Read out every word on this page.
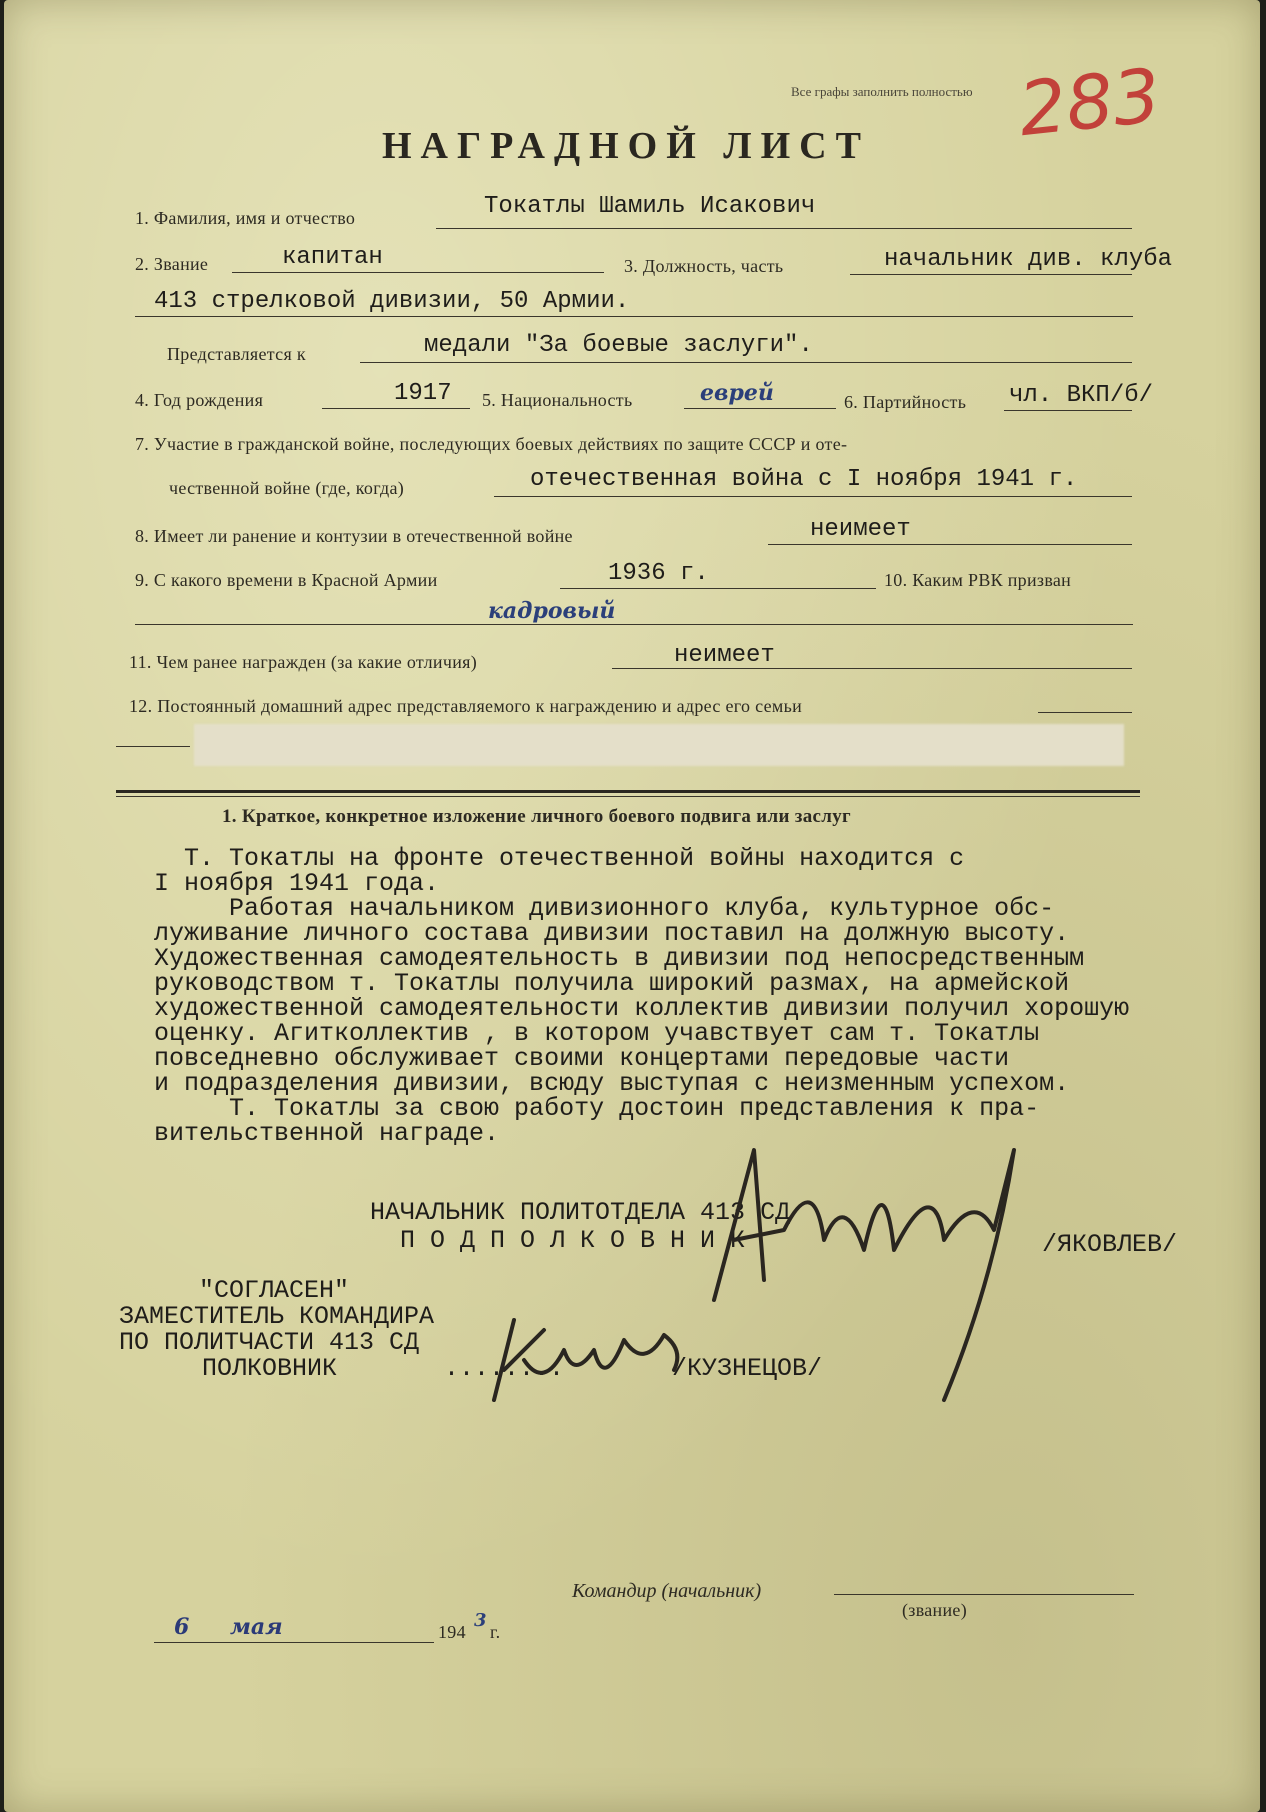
Все графы заполнить полностью 283
НАГРАДНОЙ ЛИСТ
1. Фамилия, имя и отчество	Токатлы Шамиль Исакович
2. Звание	капитан	3. Должность, часть	начальник див. клуба
413 стрелковой дивизии, 50 Армии.
Представляется к	медали "За боевые заслуги".
4. Год рождения	1917 5. Национальность	еврей	6. Партийность чл. ВКП/б/
7. Участие в гражданской войне, последующих боевых действиях по защите СССР и оте-
чественной войне (где, когда)	отечественная война с I ноября 1941 г.
8. Имеет ли ранение и контузии в отечественной войне	неимеет
9. С какого времени в Красной Армии	1936 г.	10. Каким РВК призван
кадровый
11. Чем ранее награжден (за какие отличия)	неимеет
12. Постоянный домашний адрес представляемого к награждению и адрес его семьи
1. Краткое, конкретное изложение личного боевого подвига или заслуг
Т. Токатлы на фронте отечественной войны находится с
I ноября 1941 года.
Работая начальником дивизионного клуба, культурное обс-
луживание личного состава дивизии поставил на должную высоту.
Художественная самодеятельность в дивизии под непосредственным
руководством т. Токатлы получила широкий размах, на армейской
художественной самодеятельности коллектив дивизии получил хорошую
оценку. Агитколлектив , в котором учавствует сам т. Токатлы
повседневно обслуживает своими концертами передовые части
и подразделения дивизии, всюду выступая с неизменным успехом.
Т. Токатлы за свою работу достоин представления к пра-
вительственной награде.
НАЧАЛЬНИК ПОЛИТОТДЕЛА 413 СД
П О Д П О Л К О В Н И К	/ЯКОВЛЕВ/
"СОГЛАСЕН"
ЗАМЕСТИТЕЛЬ КОМАНДИРА
ПО ПОЛИТЧАСТИ 413 СД
ПОЛКОВНИК	........	/КУЗНЕЦОВ/
Командир (начальник)
(звание)
6 мая	194
3
г.
